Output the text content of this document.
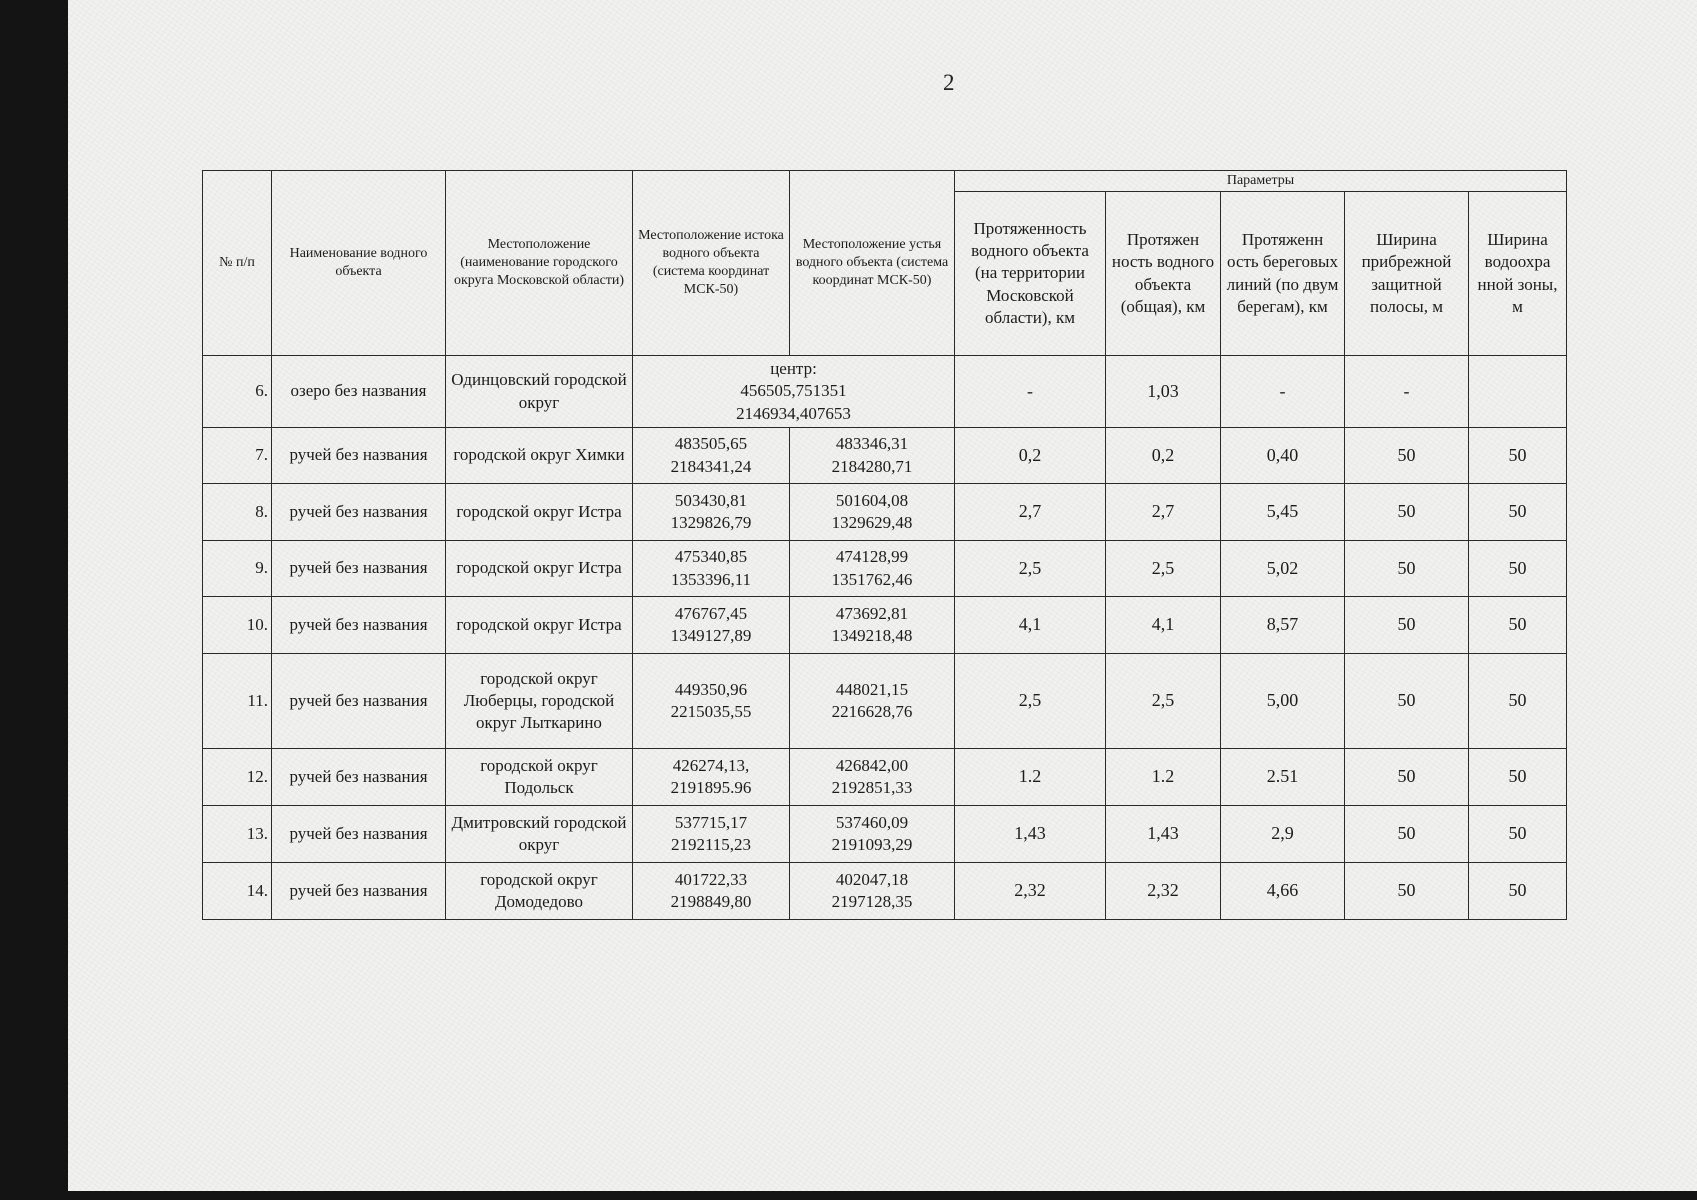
2
№ п/п	Наименование водного объекта	Местоположение (наименование городского округа Московской области)	Местоположение истока водного объекта (система координат МСК-50)	Местоположение устья водного объекта (система координат МСК-50)	Параметры				
					Протяженность водного объекта
(на территории Московской области), км	Протяжен
ность водного объекта (общая), км	Протяженн
ость береговых линий (по двум берегам), км	Ширина прибрежной защитной полосы, м	Ширина водоохра
нной зоны, м
6.	озеро без названия	Одинцовский городской округ	центр:
456505,751351
2146934,407653		-	1,03	-	-	
7.	ручей без названия	городской округ Химки	483505,65
2184341,24	483346,31
2184280,71	0,2	0,2	0,40	50	50
8.	ручей без названия	городской округ Истра	503430,81
1329826,79	501604,08
1329629,48	2,7	2,7	5,45	50	50
9.	ручей без названия	городской округ Истра	475340,85
1353396,11	474128,99
1351762,46	2,5	2,5	5,02	50	50
10.	ручей без названия	городской округ Истра	476767,45
1349127,89	473692,81
1349218,48	4,1	4,1	8,57	50	50
11.	ручей без названия	городской округ Люберцы, городской округ Лыткарино	449350,96
2215035,55	448021,15
2216628,76	2,5	2,5	5,00	50	50
12.	ручей без названия	городской округ Подольск	426274,13,
2191895.96	426842,00
2192851,33	1.2	1.2	2.51	50	50
13.	ручей без названия	Дмитровский городской округ	537715,17
2192115,23	537460,09
2191093,29	1,43	1,43	2,9	50	50
14.	ручей без названия	городской округ Домодедово	401722,33
2198849,80	402047,18
2197128,35	2,32	2,32	4,66	50	50
